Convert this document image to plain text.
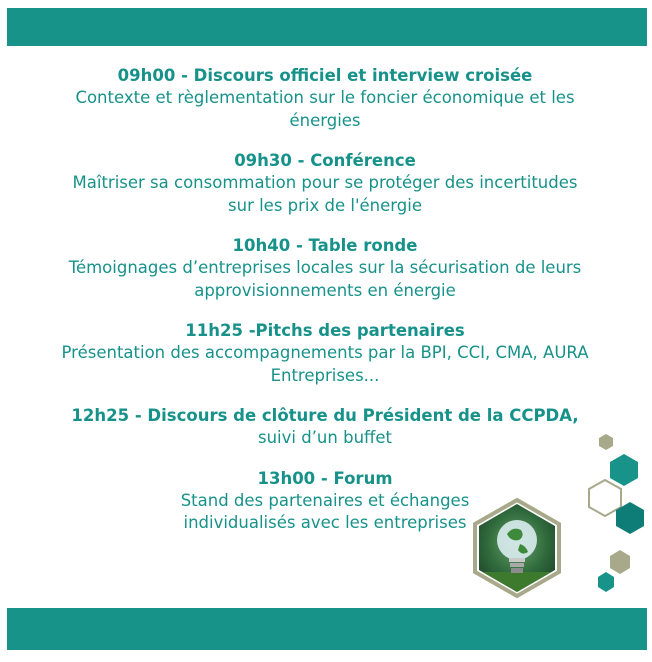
09h00 - Discours officiel et interview croisée
Contexte et règlementation sur le foncier économique et les énergies
09h30 - Conférence
Maîtriser sa consommation pour se protéger des incertitudes sur les prix de l'énergie
10h40 - Table ronde
Témoignages d’entreprises locales sur la sécurisation de leurs approvisionnements en énergie
11h25 -Pitchs des partenaires
Présentation des accompagnements par la BPI, CCI, CMA, AURA Entreprises...
12h25 - Discours de clôture du Président de la CCPDA,
suivi d’un buffet
13h00 - Forum
Stand des partenaires et échanges individualisés avec les entreprises
